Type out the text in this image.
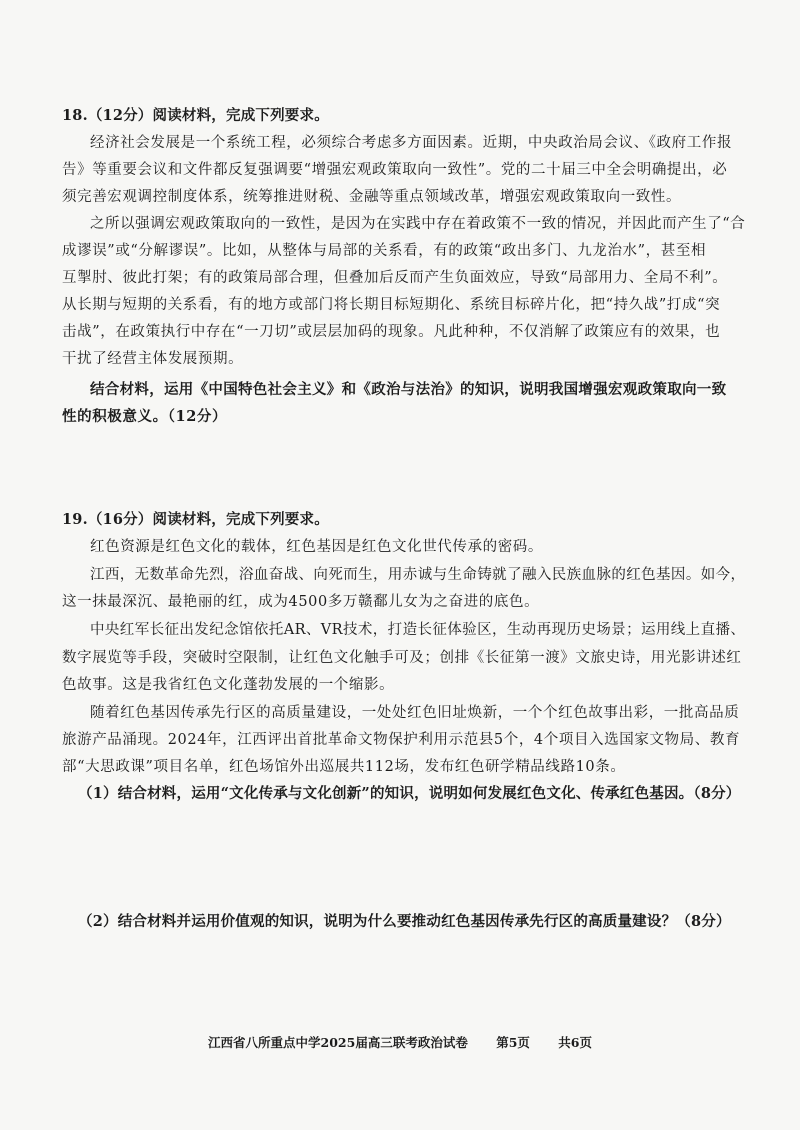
18.（12分）阅读材料，完成下列要求。
经济社会发展是一个系统工程，必须综合考虑多方面因素。近期，中央政治局会议、《政府工作报
告》等重要会议和文件都反复强调要“增强宏观政策取向一致性”。党的二十届三中全会明确提出，必
须完善宏观调控制度体系，统筹推进财税、金融等重点领域改革，增强宏观政策取向一致性。
之所以强调宏观政策取向的一致性，是因为在实践中存在着政策不一致的情况，并因此而产生了“合
成谬误”或“分解谬误”。比如，从整体与局部的关系看，有的政策“政出多门、九龙治水”，甚至相
互掣肘、彼此打架；有的政策局部合理，但叠加后反而产生负面效应，导致“局部用力、全局不利”。
从长期与短期的关系看，有的地方或部门将长期目标短期化、系统目标碎片化，把“持久战”打成“突
击战”，在政策执行中存在“一刀切”或层层加码的现象。凡此种种，不仅消解了政策应有的效果，也
干扰了经营主体发展预期。
结合材料，运用《中国特色社会主义》和《政治与法治》的知识，说明我国增强宏观政策取向一致
性的积极意义。（12分）
19.（16分）阅读材料，完成下列要求。
红色资源是红色文化的载体，红色基因是红色文化世代传承的密码。
江西，无数革命先烈，浴血奋战、向死而生，用赤诚与生命铸就了融入民族血脉的红色基因。如今，
这一抹最深沉、最艳丽的红，成为4500多万赣鄱儿女为之奋进的底色。
中央红军长征出发纪念馆依托AR、VR技术，打造长征体验区，生动再现历史场景；运用线上直播、
数字展览等手段，突破时空限制，让红色文化触手可及；创排《长征第一渡》文旅史诗，用光影讲述红
色故事。这是我省红色文化蓬勃发展的一个缩影。
随着红色基因传承先行区的高质量建设，一处处红色旧址焕新，一个个红色故事出彩，一批高品质
旅游产品涌现。2024年，江西评出首批革命文物保护利用示范县5个，4个项目入选国家文物局、教育
部“大思政课”项目名单，红色场馆外出巡展共112场，发布红色研学精品线路10条。
（1）结合材料，运用“文化传承与文化创新”的知识，说明如何发展红色文化、传承红色基因。（8分）
（2）结合材料并运用价值观的知识，说明为什么要推动红色基因传承先行区的高质量建设？（8分）
江西省八所重点中学2025届高三联考政治试卷 第5页 共6页
